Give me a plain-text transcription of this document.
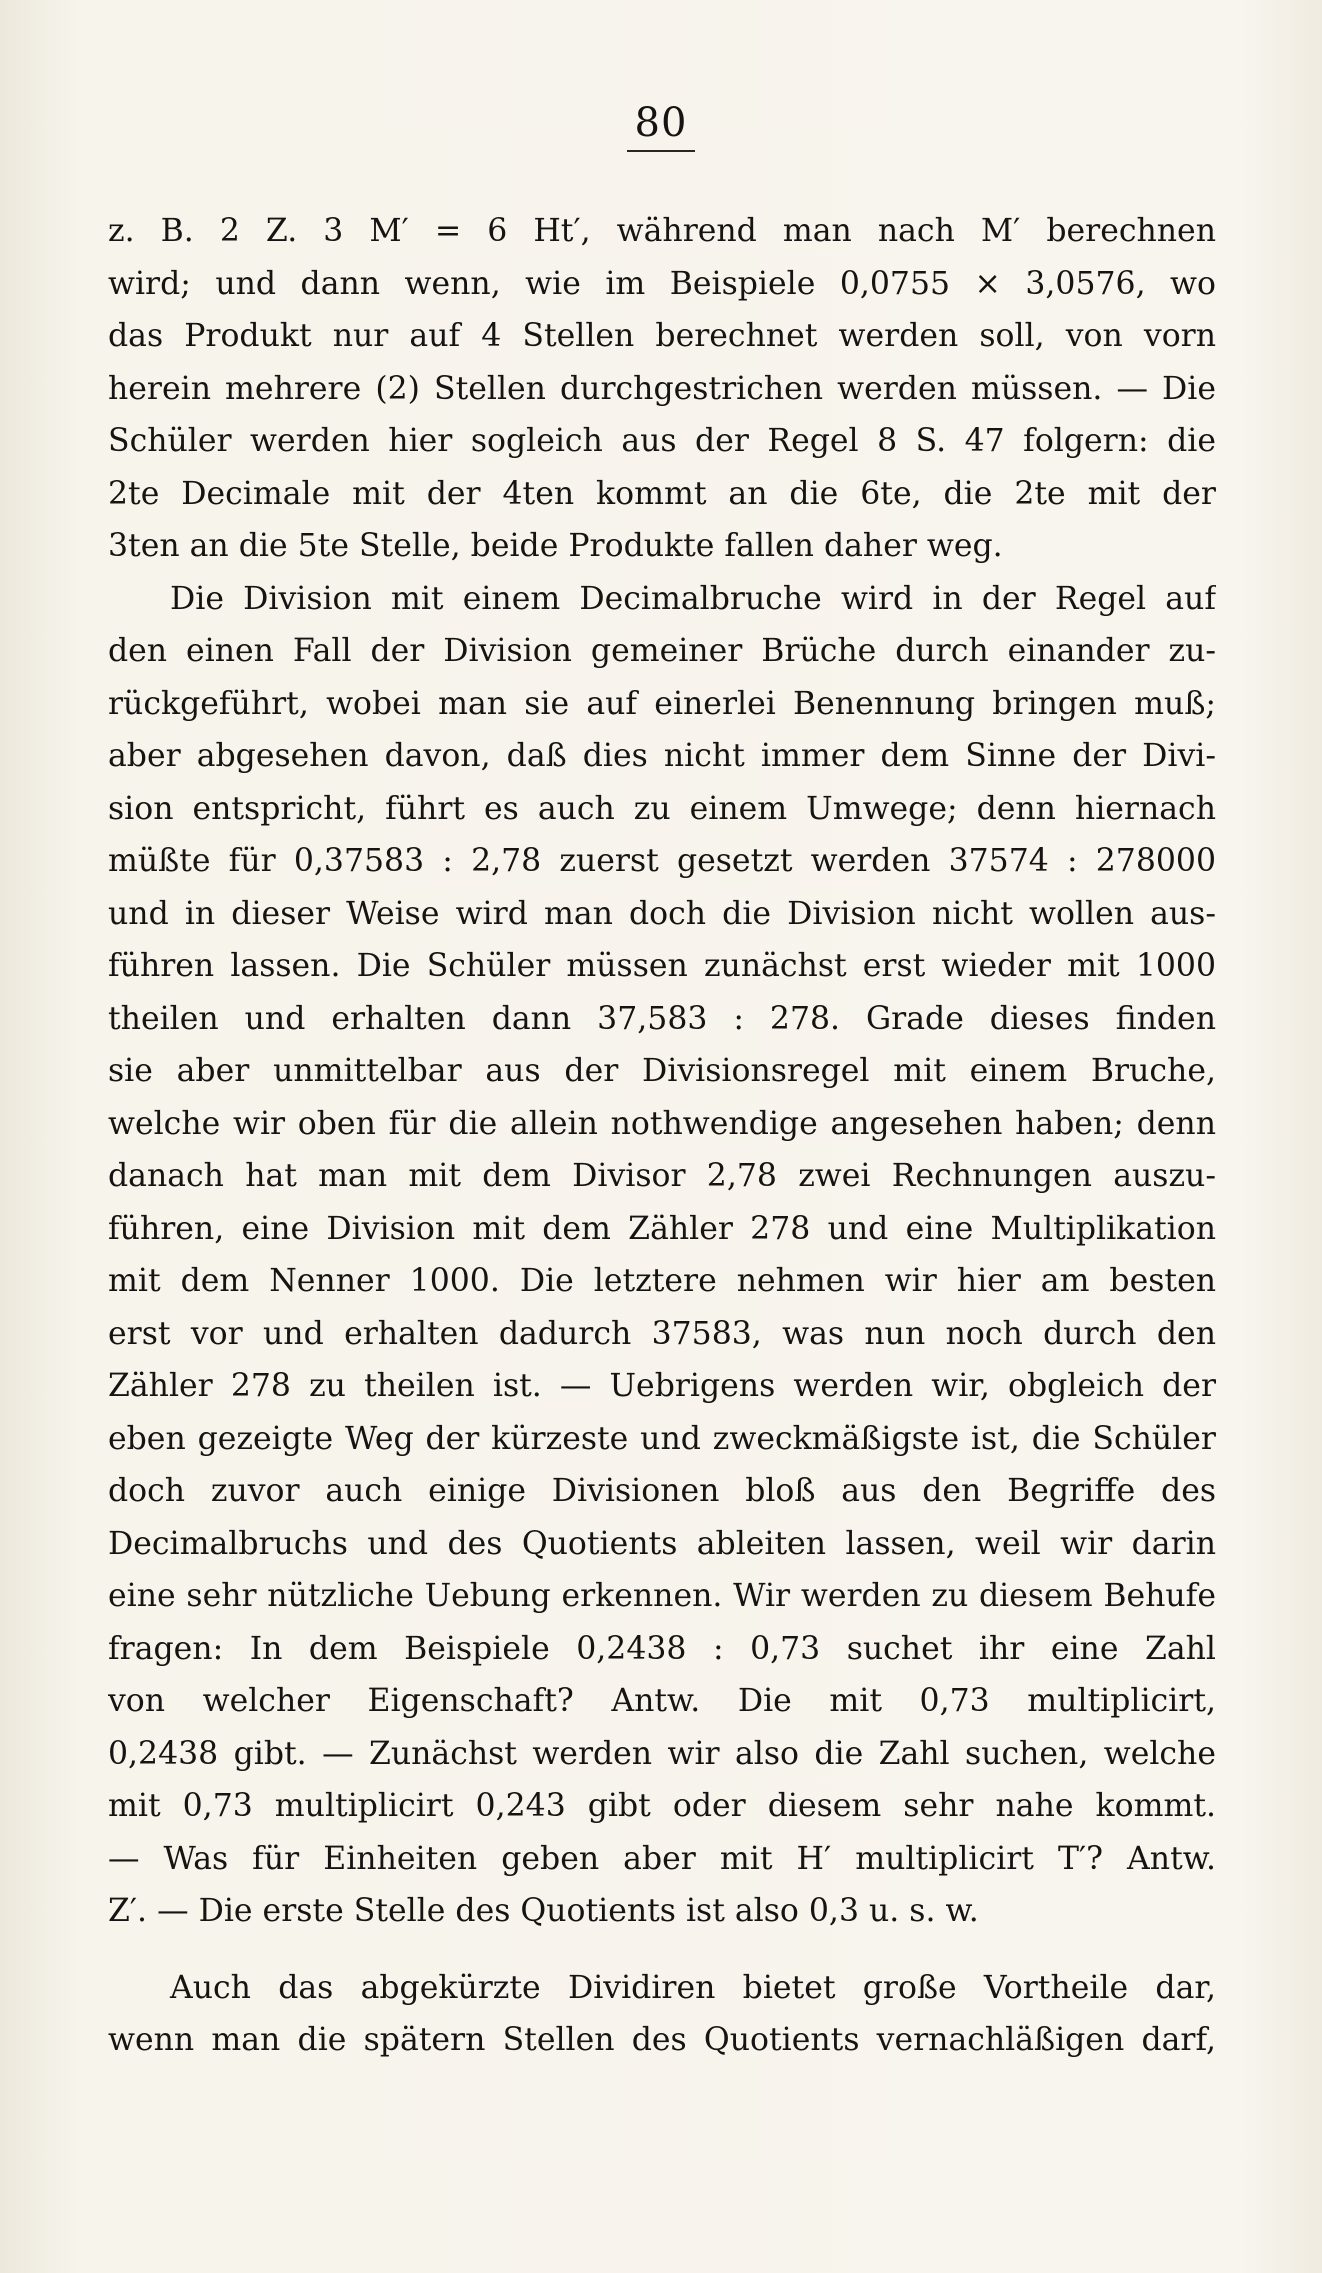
80
z. B. 2 Z. 3 M′ = 6 Ht′, während man nach M′ berechnen
wird; und dann wenn, wie im Beispiele 0,0755 × 3,0576, wo
das Produkt nur auf 4 Stellen berechnet werden soll, von vorn
herein mehrere (2) Stellen durchgestrichen werden müssen. — Die
Schüler werden hier sogleich aus der Regel 8 S. 47 folgern: die
2te Decimale mit der 4ten kommt an die 6te, die 2te mit der
3ten an die 5te Stelle, beide Produkte fallen daher weg.
Die Division mit einem Decimalbruche wird in der Regel auf
den einen Fall der Division gemeiner Brüche durch einander zu-
rückgeführt, wobei man sie auf einerlei Benennung bringen muß;
aber abgesehen davon, daß dies nicht immer dem Sinne der Divi-
sion entspricht, führt es auch zu einem Umwege; denn hiernach
müßte für 0,37583 : 2,78 zuerst gesetzt werden 37574 : 278000
und in dieser Weise wird man doch die Division nicht wollen aus-
führen lassen. Die Schüler müssen zunächst erst wieder mit 1000
theilen und erhalten dann 37,583 : 278. Grade dieses finden
sie aber unmittelbar aus der Divisionsregel mit einem Bruche,
welche wir oben für die allein nothwendige angesehen haben; denn
danach hat man mit dem Divisor 2,78 zwei Rechnungen auszu-
führen, eine Division mit dem Zähler 278 und eine Multiplikation
mit dem Nenner 1000. Die letztere nehmen wir hier am besten
erst vor und erhalten dadurch 37583, was nun noch durch den
Zähler 278 zu theilen ist. — Uebrigens werden wir, obgleich der
eben gezeigte Weg der kürzeste und zweckmäßigste ist, die Schüler
doch zuvor auch einige Divisionen bloß aus den Begriffe des
Decimalbruchs und des Quotients ableiten lassen, weil wir darin
eine sehr nützliche Uebung erkennen. Wir werden zu diesem Behufe
fragen: In dem Beispiele 0,2438 : 0,73 suchet ihr eine Zahl
von welcher Eigenschaft? Antw. Die mit 0,73 multiplicirt,
0,2438 gibt. — Zunächst werden wir also die Zahl suchen, welche
mit 0,73 multiplicirt 0,243 gibt oder diesem sehr nahe kommt.
— Was für Einheiten geben aber mit H′ multiplicirt T′? Antw.
Z′. — Die erste Stelle des Quotients ist also 0,3 u. s. w.
Auch das abgekürzte Dividiren bietet große Vortheile dar,
wenn man die spätern Stellen des Quotients vernachläßigen darf,
